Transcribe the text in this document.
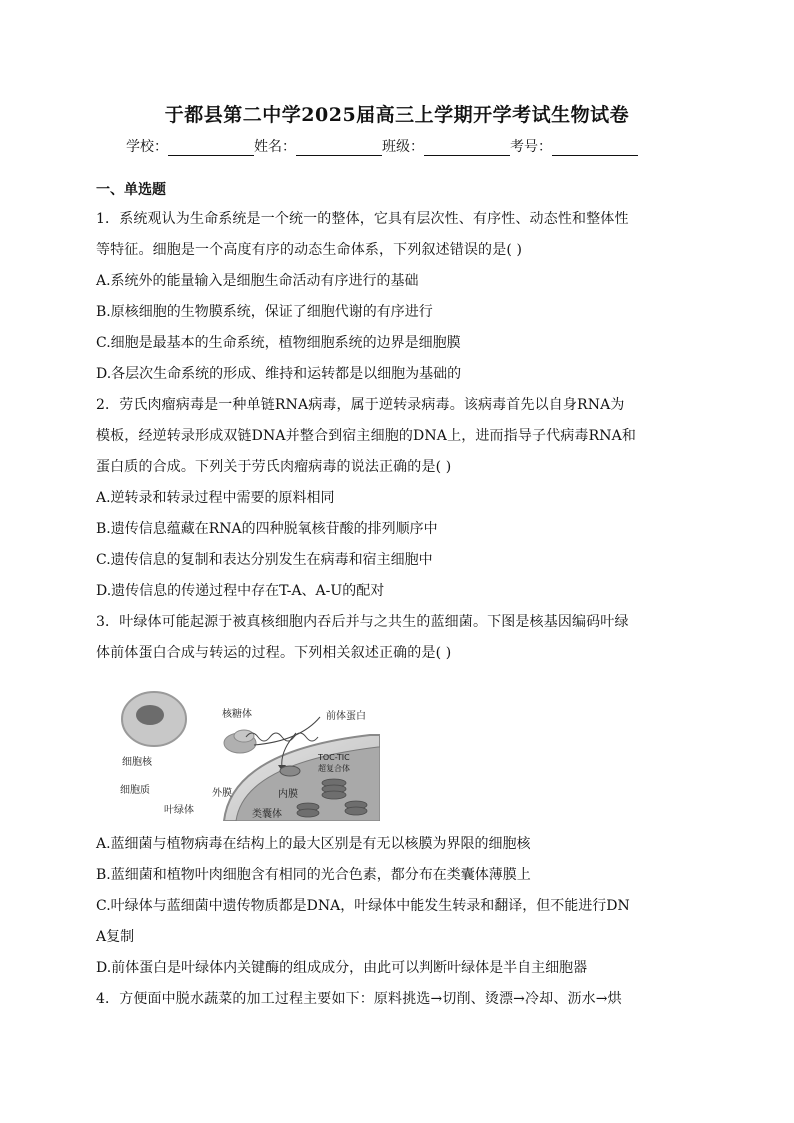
于都县第二中学2025届高三上学期开学考试生物试卷
学校：	姓名：	班级：	考号：
一、单选题
1．系统观认为生命系统是一个统一的整体，它具有层次性、有序性、动态性和整体性
等特征。细胞是一个高度有序的动态生命体系，下列叙述错误的是( )
A.系统外的能量输入是细胞生命活动有序进行的基础
B.原核细胞的生物膜系统，保证了细胞代谢的有序进行
C.细胞是最基本的生命系统，植物细胞系统的边界是细胞膜
D.各层次生命系统的形成、维持和运转都是以细胞为基础的
2．劳氏肉瘤病毒是一种单链RNA病毒，属于逆转录病毒。该病毒首先以自身RNA为
模板，经逆转录形成双链DNA并整合到宿主细胞的DNA上，进而指导子代病毒RNA和
蛋白质的合成。下列关于劳氏肉瘤病毒的说法正确的是( )
A.逆转录和转录过程中需要的原料相同
B.遗传信息蕴藏在RNA的四种脱氧核苷酸的排列顺序中
C.遗传信息的复制和表达分别发生在病毒和宿主细胞中
D.遗传信息的传递过程中存在T-A、A-U的配对
3．叶绿体可能起源于被真核细胞内吞后并与之共生的蓝细菌。下图是核基因编码叶绿
体前体蛋白合成与转运的过程。下列相关叙述正确的是( )
细胞核
细胞质
叶绿体
核糖体	前体蛋白
外膜	内膜
类囊体
TOC-TIC
超复合体
A.蓝细菌与植物病毒在结构上的最大区别是有无以核膜为界限的细胞核
B.蓝细菌和植物叶肉细胞含有相同的光合色素，都分布在类囊体薄膜上
C.叶绿体与蓝细菌中遗传物质都是DNA，叶绿体中能发生转录和翻译，但不能进行DN
A复制
D.前体蛋白是叶绿体内关键酶的组成成分，由此可以判断叶绿体是半自主细胞器
4．方便面中脱水蔬菜的加工过程主要如下：原料挑选→切削、烫漂→冷却、沥水→烘
